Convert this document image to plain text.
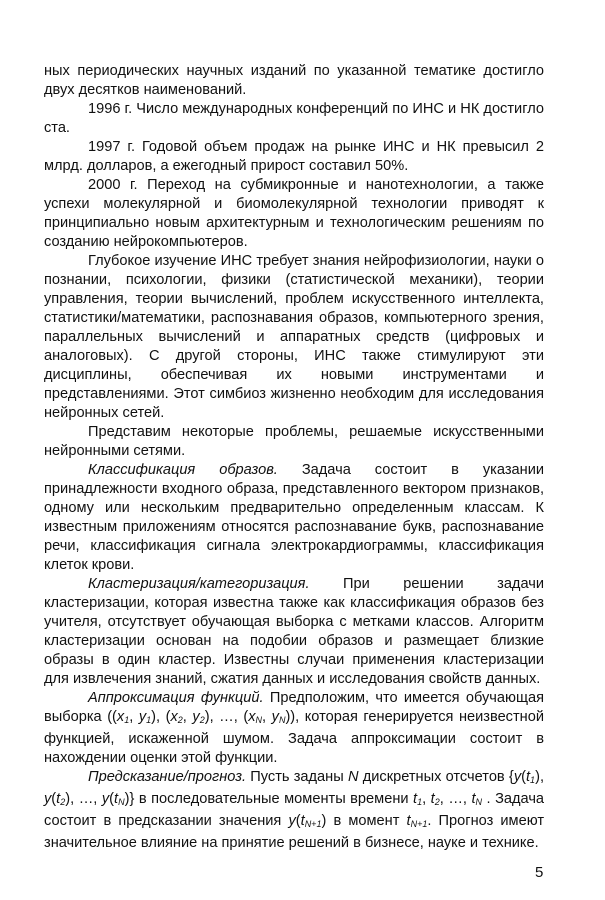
ных периодических научных изданий по указанной тематике достигло двух десятков наименований.

1996 г. Число международных конференций по ИНС и НК достигло ста.

1997 г. Годовой объем продаж на рынке ИНС и НК превысил 2 млрд. долларов, а ежегодный прирост составил 50%.

2000 г. Переход на субмикронные и нанотехнологии, а также успехи молекулярной и биомолекулярной технологии приводят к принципиально новым архитектурным и технологическим решениям по созданию нейрокомпьютеров.

Глубокое изучение ИНС требует знания нейрофизиологии, науки о познании, психологии, физики (статистической механики), теории управления, теории вычислений, проблем искусственного интеллекта, статистики/математики, распознавания образов, компьютерного зрения, параллельных вычислений и аппаратных средств (цифровых и аналоговых). С другой стороны, ИНС также стимулируют эти дисциплины, обеспечивая их новыми инструментами и представлениями. Этот симбиоз жизненно необходим для исследования нейронных сетей.

Представим некоторые проблемы, решаемые искусственными нейронными сетями.

Классификация образов. Задача состоит в указании принадлежности входного образа, представленного вектором признаков, одному или нескольким предварительно определенным классам. К известным приложениям относятся распознавание букв, распознавание речи, классификация сигнала электрокардиограммы, классификация клеток крови.

Кластеризация/категоризация. При решении задачи кластеризации, которая известна также как классификация образов без учителя, отсутствует обучающая выборка с метками классов. Алгоритм кластеризации основан на подобии образов и размещает близкие образы в один кластер. Известны случаи применения кластеризации для извлечения знаний, сжатия данных и исследования свойств данных.

Аппроксимация функций. Предположим, что имеется обучающая выборка (($x_1$, $y_1$), ($x_2$, $y_2$), …, ($x_N$, $y_N$)), которая генерируется неизвестной функцией, искаженной шумом. Задача аппроксимации состоит в нахождении оценки этой функции.

Предсказание/прогноз. Пусть заданы N дискретных отсчетов {$y(t_1)$, $y(t_2)$, …, $y(t_N)$} в последовательные моменты времени $t_1$, $t_2$, …, $t_N$ . Задача состоит в предсказании значения $y(t_{N+1})$ в момент $t_{N+1}$. Прогноз имеют значительное влияние на принятие решений в бизнесе, науке и технике.

5
